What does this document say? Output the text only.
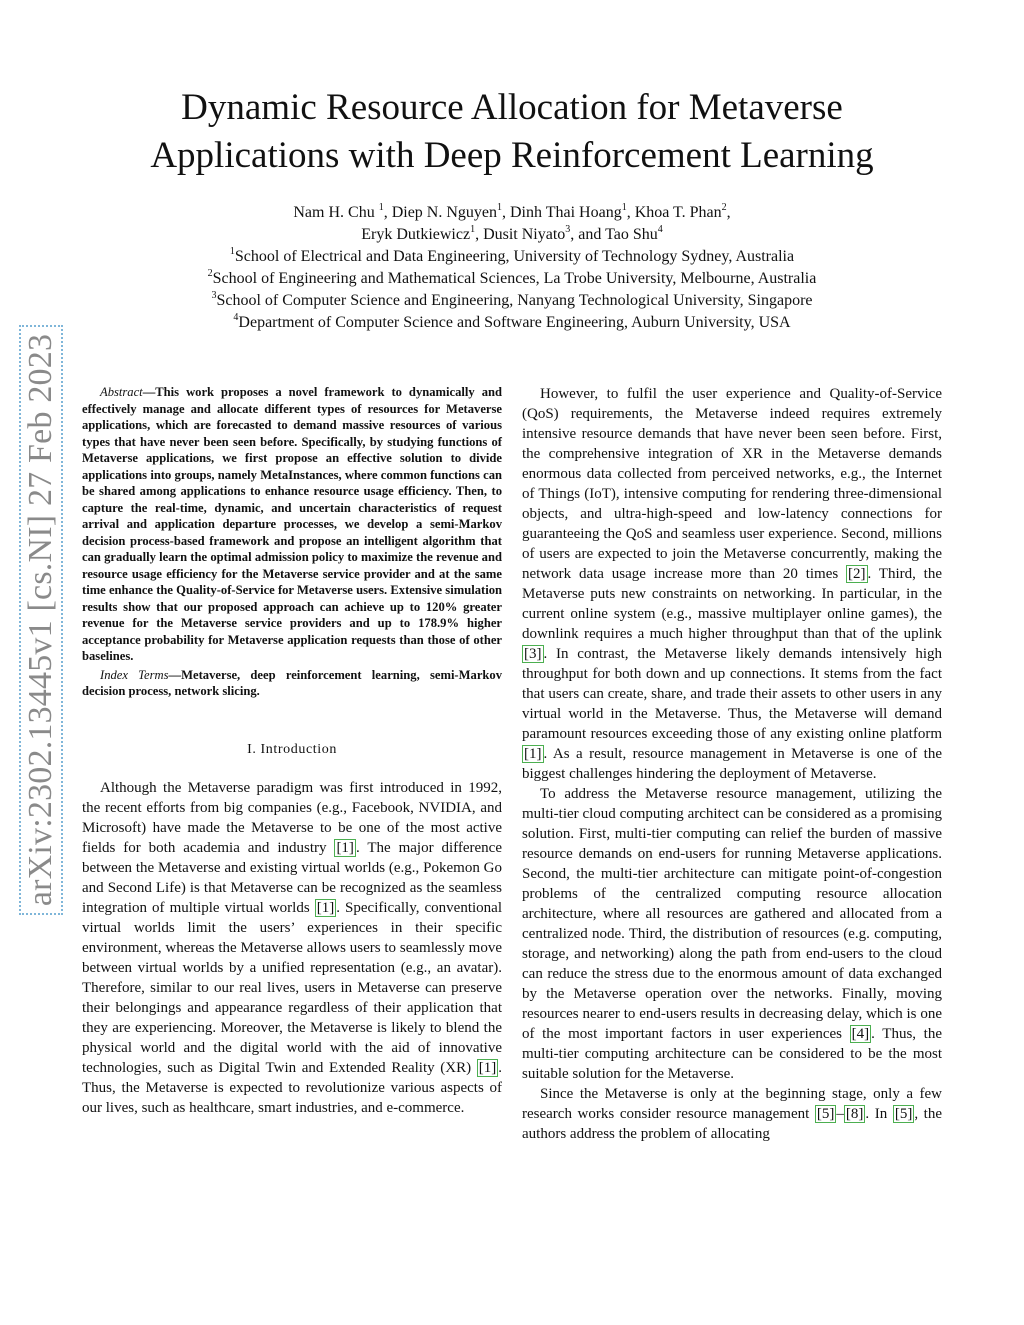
arXiv:2302.13445v1 [cs.NI] 27 Feb 2023
Dynamic Resource Allocation for Metaverse
Applications with Deep Reinforcement Learning
Nam H. Chu $^1$, Diep N. Nguyen$^1$, Dinh Thai Hoang$^1$, Khoa T. Phan$^2$,
Eryk Dutkiewicz$^1$, Dusit Niyato$^3$, and Tao Shu$^4$
$^1$School of Electrical and Data Engineering, University of Technology Sydney, Australia
$^2$School of Engineering and Mathematical Sciences, La Trobe University, Melbourne, Australia
$^3$School of Computer Science and Engineering, Nanyang Technological University, Singapore
$^4$Department of Computer Science and Software Engineering, Auburn University, USA

Abstract—This work proposes a novel framework to dynamically and effectively manage and allocate different types of resources for Metaverse applications, which are forecasted to demand massive resources of various types that have never been seen before. Specifically, by studying functions of Metaverse applications, we first propose an effective solution to divide applications into groups, namely MetaInstances, where common functions can be shared among applications to enhance resource usage efficiency. Then, to capture the real-time, dynamic, and uncertain characteristics of request arrival and application departure processes, we develop a semi-Markov decision process-based framework and propose an intelligent algorithm that can gradually learn the optimal admission policy to maximize the revenue and resource usage efficiency for the Metaverse service provider and at the same time enhance the Quality-of-Service for Metaverse users. Extensive simulation results show that our proposed approach can achieve up to 120% greater revenue for the Metaverse service providers and up to 178.9% higher acceptance probability for Metaverse application requests than those of other baselines.

Index Terms—Metaverse, deep reinforcement learning, semi-Markov decision process, network slicing.

I. Introduction

Although the Metaverse paradigm was first introduced in 1992, the recent efforts from big companies (e.g., Facebook, NVIDIA, and Microsoft) have made the Metaverse to be one of the most active fields for both academia and industry [1] . The major difference between the Metaverse and existing virtual worlds (e.g., Pokemon Go and Second Life) is that Metaverse can be recognized as the seamless integration of multiple virtual worlds [1] . Specifically, conventional virtual worlds limit the users’ experiences in their specific environment, whereas the Metaverse allows users to seamlessly move between virtual worlds by a unified representation (e.g., an avatar). Therefore, similar to our real lives, users in Metaverse can preserve their belongings and appearance regardless of their application that they are experiencing. Moreover, the Metaverse is likely to blend the physical world and the digital world with the aid of innovative technologies, such as Digital Twin and Extended Reality (XR) [1] . Thus, the Metaverse is expected to revolutionize various aspects of our lives, such as healthcare, smart industries, and e-commerce.

However, to fulfil the user experience and Quality-of-Service (QoS) requirements, the Metaverse indeed requires extremely intensive resource demands that have never been seen before. First, the comprehensive integration of XR in the Metaverse demands enormous data collected from perceived networks, e.g., the Internet of Things (IoT), intensive computing for rendering three-dimensional objects, and ultra-high-speed and low-latency connections for guaranteeing the QoS and seamless user experience. Second, millions of users are expected to join the Metaverse concurrently, making the network data usage increase more than 20 times [2] . Third, the Metaverse puts new constraints on networking. In particular, in the current online system (e.g., massive multiplayer online games), the downlink requires a much higher throughput than that of the uplink [3] . In contrast, the Metaverse likely demands intensively high throughput for both down and up connections. It stems from the fact that users can create, share, and trade their assets to other users in any virtual world in the Metaverse. Thus, the Metaverse will demand paramount resources exceeding those of any existing online platform [1] . As a result, resource management in Metaverse is one of the biggest challenges hindering the deployment of Metaverse.

To address the Metaverse resource management, utilizing the multi-tier cloud computing architect can be considered as a promising solution. First, multi-tier computing can relief the burden of massive resource demands on end-users for running Metaverse applications. Second, the multi-tier architecture can mitigate point-of-congestion problems of the centralized computing resource allocation architecture, where all resources are gathered and allocated from a centralized node. Third, the distribution of resources (e.g. computing, storage, and networking) along the path from end-users to the cloud can reduce the stress due to the enormous amount of data exchanged by the Metaverse operation over the networks. Finally, moving resources nearer to end-users results in decreasing delay, which is one of the most important factors in user experiences [4] . Thus, the multi-tier computing architecture can be considered to be the most suitable solution for the Metaverse.

Since the Metaverse is only at the beginning stage, only a few research works consider resource management [5] – [8] . In [5] , the authors address the problem of allocating
